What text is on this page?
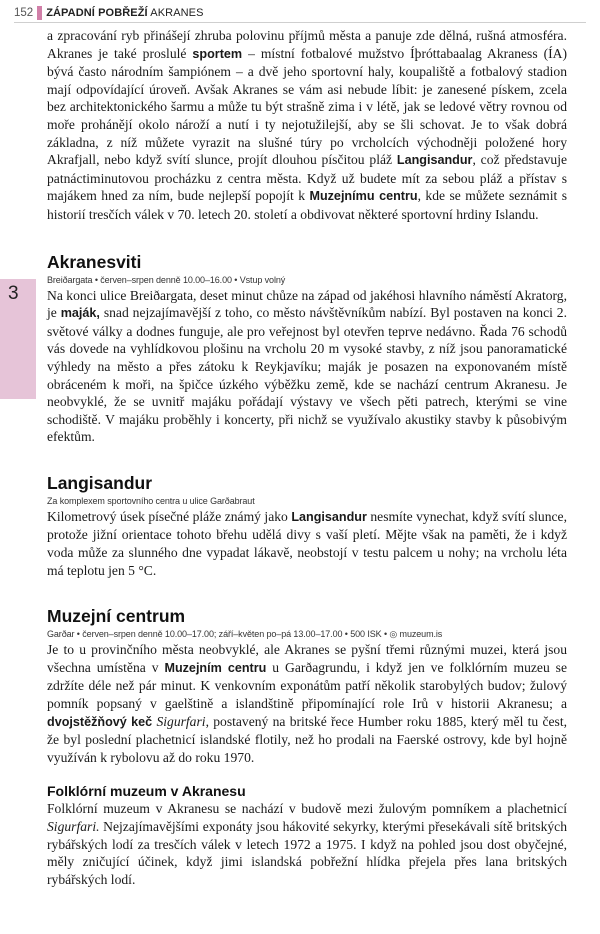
152 ZÁPADNÍ POBŘEŽÍ AKRANES
3

a zpracování ryb přinášejí zhruba polovinu příjmů města a panuje zde dělná, rušná atmosféra. Akranes je také proslulé sportem – místní fotbalové mužstvo Íþróttabaalag Akraness (ÍA) bývá často národním šampiónem – a dvě jeho sportovní haly, koupaliště a fotbalový stadion mají odpovídající úroveň. Avšak Akranes se vám asi nebude líbit: je zanesené pískem, zcela bez architektonického šarmu a může tu být strašně zima i v létě, jak se ledové větry rovnou od moře prohánějí okolo nároží a nutí i ty nejotužilejší, aby se šli schovat. Je to však dobrá základna, z níž můžete vyrazit na slušné túry po vrcholcích východněji položené hory Akrafjall, nebo když svítí slunce, projít dlouhou písčitou pláž Langisandur, což představuje patnáctiminutovou procházku z centra města. Když už budete mít za sebou pláž a přístav s majákem hned za ním, bude nejlepší popojít k Muzejnímu centru, kde se můžete seznámit s historií tresčích válek v 70. letech 20. století a obdivovat některé sportovní hrdiny Islandu.

Akranesviti
Breiðargata • červen–srpen denně 10.00–16.00 • Vstup volný

Na konci ulice Breiðargata, deset minut chůze na západ od jakéhosi hlavního náměstí Akratorg, je maják, snad nejzajímavější z toho, co město návštěvníkům nabízí. Byl postaven na konci 2. světové války a dodnes funguje, ale pro veřejnost byl otevřen teprve nedávno. Řada 76 schodů vás dovede na vyhlídkovou plošinu na vrcholu 20 m vysoké stavby, z níž jsou panoramatické výhledy na město a přes zátoku k Reykjavíku; maják je posazen na exponovaném místě obráceném k moři, na špičce úzkého výběžku země, kde se nachází centrum Akranesu. Je neobvyklé, že se uvnitř majáku pořádají výstavy ve všech pěti patrech, kterými se vine schodiště. V majáku proběhly i koncerty, při nichž se využívalo akustiky stavby k působivým efektům.

Langisandur
Za komplexem sportovního centra u ulice Garðabraut

Kilometrový úsek písečné pláže známý jako Langisandur nesmíte vynechat, když svítí slunce, protože jižní orientace tohoto břehu udělá divy s vaší pletí. Mějte však na paměti, že i když voda může za slunného dne vypadat lákavě, neobstojí v testu palcem u nohy; na vrcholu léta má teplotu jen 5 °C.

Muzejní centrum
Garðar • červen–srpen denně 10.00–17.00; září–květen po–pá 13.00–17.00 • 500 ISK • ◎ muzeum.is

Je to u provinčního města neobvyklé, ale Akranes se pyšní třemi různými muzei, která jsou všechna umístěna v Muzejním centru u Garðagrundu, i když jen ve folklórním muzeu se zdržíte déle než pár minut. K venkovním exponátům patří několik starobylých budov; žulový pomník popsaný v gaelštině a islandštině připomínající role Irů v historii Akranesu; a dvojstěžňový keč Sigurfari, postavený na britské řece Humber roku 1885, který měl tu čest, že byl poslední plachetnicí islandské flotily, než ho prodali na Faerské ostrovy, kde byl hojně využíván k rybolovu až do roku 1970.

Folklórní muzeum v Akranesu

Folklórní muzeum v Akranesu se nachází v budově mezi žulovým pomníkem a plachetnicí Sigurfari. Nejzajímavějšími exponáty jsou hákovité sekyrky, kterými přesekávali sítě britských rybářských lodí za tresčích válek v letech 1972 a 1975. I když na pohled jsou dost obyčejné, měly zničující účinek, když jimi islandská pobřežní hlídka přejela přes lana britských rybářských lodí.
